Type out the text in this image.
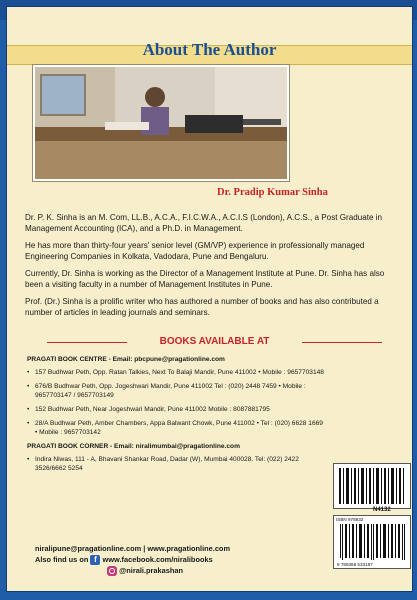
About The Author
Dr. Pradip Kumar Sinha

Dr. P. K. Sinha is an M. Com, LL.B., A.C.A., F.I.C.W.A., A.C.I.S (London), A.C.S., a Post Graduate in Management Accounting (ICA), and a Ph.D. in Management.

He has more than thirty-four years' senior level (GM/VP) experience in professionally managed Engineering Companies in Kolkata, Vadodara, Pune and Bengaluru.

Currently, Dr. Sinha is working as the Director of a Management Institute at Pune. Dr. Sinha has also been a visiting faculty in a number of Management Institutes in Pune.

Prof. (Dr.) Sinha is a prolific writer who has authored a number of books and has also contributed a number of articles in leading journals and seminars.

BOOKS AVAILABLE AT
PRAGATI BOOK CENTRE - Email: pbcpune@pragationline.com
• 157 Budhwar Peth, Opp. Ratan Talkies, Next To Balaji Mandir, Pune 411002 • Mobile : 9657703148
• 676/B Budhwar Peth, Opp. Jogeshwari Mandir, Pune 411002 Tel : (020) 2448 7459 • Mobile : 9657703147 / 9657703149
• 152 Budhwar Peth, Near Jogeshwari Mandir, Pune 411002 Mobile : 8087881795
• 28/A Budhwar Peth, Amber Chambers, Appa Balwant Chowk, Pune 411002 • Tel : (020) 6628 1669 • Mobile : 9657703142
PRAGATI BOOK CORNER - Email: niralimumbai@pragationline.com
• Indira Niwas, 111 - A, Bhavani Shankar Road, Dadar (W), Mumbai 400028. Tel: (022) 2422 3526/6662 5254
N4132
ISBN 978932
9 789368 533187
niralipune@pragationline.com | www.pragationline.com
Also find us on f www.facebook.com/niralibooks
@nirali.prakashan
